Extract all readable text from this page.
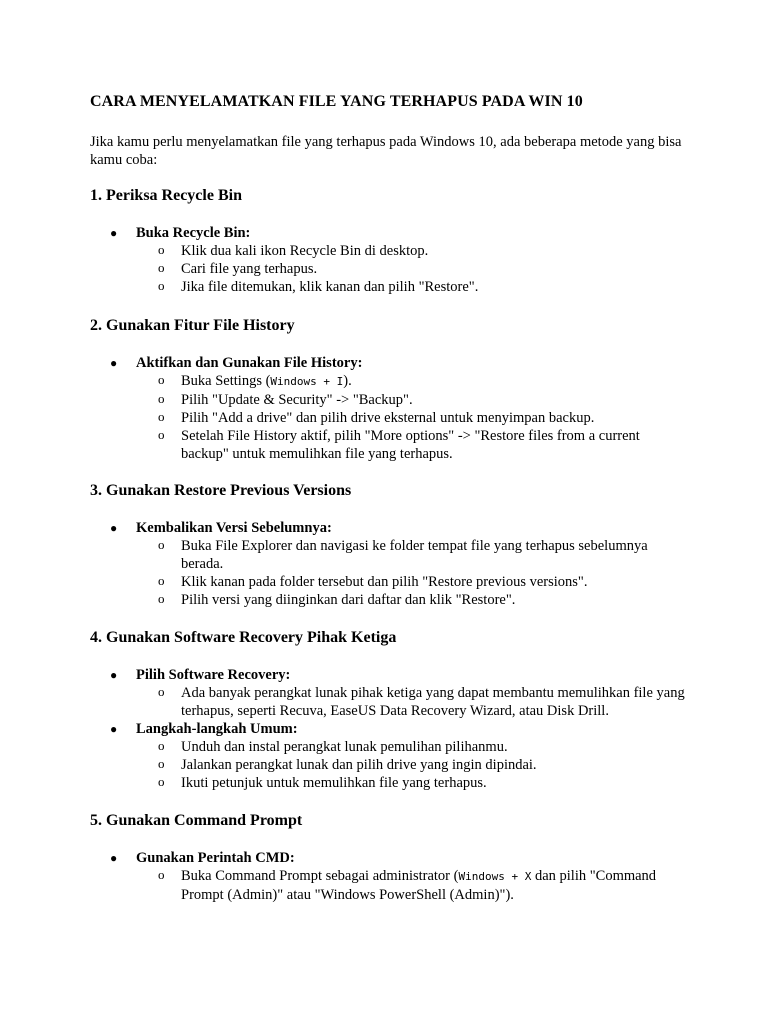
CARA MENYELAMATKAN FILE YANG TERHAPUS PADA WIN 10

Jika kamu perlu menyelamatkan file yang terhapus pada Windows 10, ada beberapa metode yang bisa kamu coba:

1. Periksa Recycle Bin
● Buka Recycle Bin:
o Klik dua kali ikon Recycle Bin di desktop.
o Cari file yang terhapus.
o Jika file ditemukan, klik kanan dan pilih "Restore".
2. Gunakan Fitur File History
● Aktifkan dan Gunakan File History:
o Buka Settings (Windows + I).
o Pilih "Update & Security" -> "Backup".
o Pilih "Add a drive" dan pilih drive eksternal untuk menyimpan backup.
o Setelah File History aktif, pilih "More options" -> "Restore files from a current backup" untuk memulihkan file yang terhapus.
3. Gunakan Restore Previous Versions
● Kembalikan Versi Sebelumnya:
o Buka File Explorer dan navigasi ke folder tempat file yang terhapus sebelumnya berada.
o Klik kanan pada folder tersebut dan pilih "Restore previous versions".
o Pilih versi yang diinginkan dari daftar dan klik "Restore".
4. Gunakan Software Recovery Pihak Ketiga
● Pilih Software Recovery:
o Ada banyak perangkat lunak pihak ketiga yang dapat membantu memulihkan file yang terhapus, seperti Recuva, EaseUS Data Recovery Wizard, atau Disk Drill.
● Langkah-langkah Umum:
o Unduh dan instal perangkat lunak pemulihan pilihanmu.
o Jalankan perangkat lunak dan pilih drive yang ingin dipindai.
o Ikuti petunjuk untuk memulihkan file yang terhapus.
5. Gunakan Command Prompt
● Gunakan Perintah CMD:
o Buka Command Prompt sebagai administrator (Windows + X dan pilih "Command Prompt (Admin)" atau "Windows PowerShell (Admin)").
